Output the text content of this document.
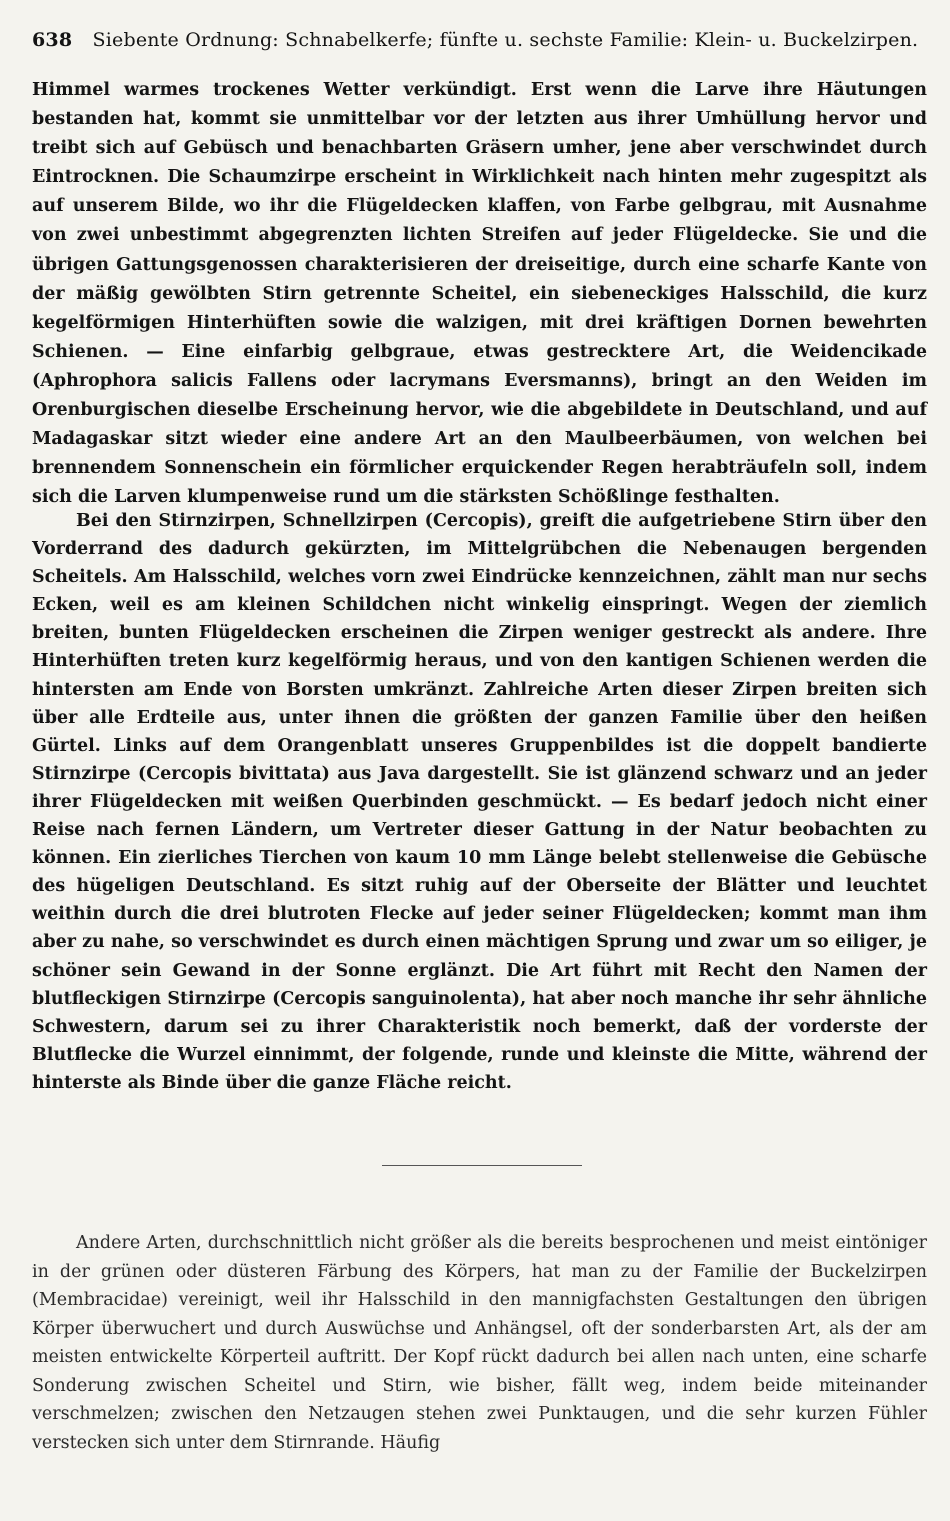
638 Siebente Ordnung: Schnabelkerfe; fünfte u. sechste Familie: Klein- u. Buckelzirpen.

Himmel warmes trockenes Wetter verkündigt. Erst wenn die Larve ihre Häutungen bestanden hat, kommt sie unmittelbar vor der letzten aus ihrer Umhüllung hervor und treibt sich auf Gebüsch und benachbarten Gräsern umher, jene aber verschwindet durch Eintrocknen. Die Schaumzirpe erscheint in Wirklichkeit nach hinten mehr zugespitzt als auf unserem Bilde, wo ihr die Flügeldecken klaffen, von Farbe gelbgrau, mit Ausnahme von zwei unbestimmt abgegrenzten lichten Streifen auf jeder Flügeldecke. Sie und die übrigen Gattungsgenossen charakterisieren der dreiseitige, durch eine scharfe Kante von der mäßig gewölbten Stirn getrennte Scheitel, ein siebeneckiges Halsschild, die kurz kegelförmigen Hinterhüften sowie die walzigen, mit drei kräftigen Dornen bewehrten Schienen. — Eine einfarbig gelbgraue, etwas gestrecktere Art, die Weidencikade (Aphrophora salicis Fallens oder lacrymans Eversmanns), bringt an den Weiden im Orenburgischen dieselbe Erscheinung hervor, wie die abgebildete in Deutschland, und auf Madagaskar sitzt wieder eine andere Art an den Maulbeerbäumen, von welchen bei brennendem Sonnenschein ein förmlicher erquickender Regen herabträufeln soll, indem sich die Larven klumpenweise rund um die stärksten Schößlinge festhalten.

Bei den Stirnzirpen, Schnellzirpen (Cercopis), greift die aufgetriebene Stirn über den Vorderrand des dadurch gekürzten, im Mittelgrübchen die Nebenaugen bergenden Scheitels. Am Halsschild, welches vorn zwei Eindrücke kennzeichnen, zählt man nur sechs Ecken, weil es am kleinen Schildchen nicht winkelig einspringt. Wegen der ziemlich breiten, bunten Flügeldecken erscheinen die Zirpen weniger gestreckt als andere. Ihre Hinterhüften treten kurz kegelförmig heraus, und von den kantigen Schienen werden die hintersten am Ende von Borsten umkränzt. Zahlreiche Arten dieser Zirpen breiten sich über alle Erdteile aus, unter ihnen die größten der ganzen Familie über den heißen Gürtel. Links auf dem Orangenblatt unseres Gruppenbildes ist die doppelt bandierte Stirnzirpe (Cercopis bivittata) aus Java dargestellt. Sie ist glänzend schwarz und an jeder ihrer Flügeldecken mit weißen Querbinden geschmückt. — Es bedarf jedoch nicht einer Reise nach fernen Ländern, um Vertreter dieser Gattung in der Natur beobachten zu können. Ein zierliches Tierchen von kaum 10 mm Länge belebt stellenweise die Gebüsche des hügeligen Deutschland. Es sitzt ruhig auf der Oberseite der Blätter und leuchtet weithin durch die drei blutroten Flecke auf jeder seiner Flügeldecken; kommt man ihm aber zu nahe, so verschwindet es durch einen mächtigen Sprung und zwar um so eiliger, je schöner sein Gewand in der Sonne erglänzt. Die Art führt mit Recht den Namen der blutfleckigen Stirnzirpe (Cercopis sanguinolenta), hat aber noch manche ihr sehr ähnliche Schwestern, darum sei zu ihrer Charakteristik noch bemerkt, daß der vorderste der Blutflecke die Wurzel einnimmt, der folgende, runde und kleinste die Mitte, während der hinterste als Binde über die ganze Fläche reicht.

Andere Arten, durchschnittlich nicht größer als die bereits besprochenen und meist eintöniger in der grünen oder düsteren Färbung des Körpers, hat man zu der Familie der Buckelzirpen (Membracidae) vereinigt, weil ihr Halsschild in den mannigfachsten Gestaltungen den übrigen Körper überwuchert und durch Auswüchse und Anhängsel, oft der sonderbarsten Art, als der am meisten entwickelte Körperteil auftritt. Der Kopf rückt dadurch bei allen nach unten, eine scharfe Sonderung zwischen Scheitel und Stirn, wie bisher, fällt weg, indem beide miteinander verschmelzen; zwischen den Netzaugen stehen zwei Punktaugen, und die sehr kurzen Fühler verstecken sich unter dem Stirnrande. Häufig
